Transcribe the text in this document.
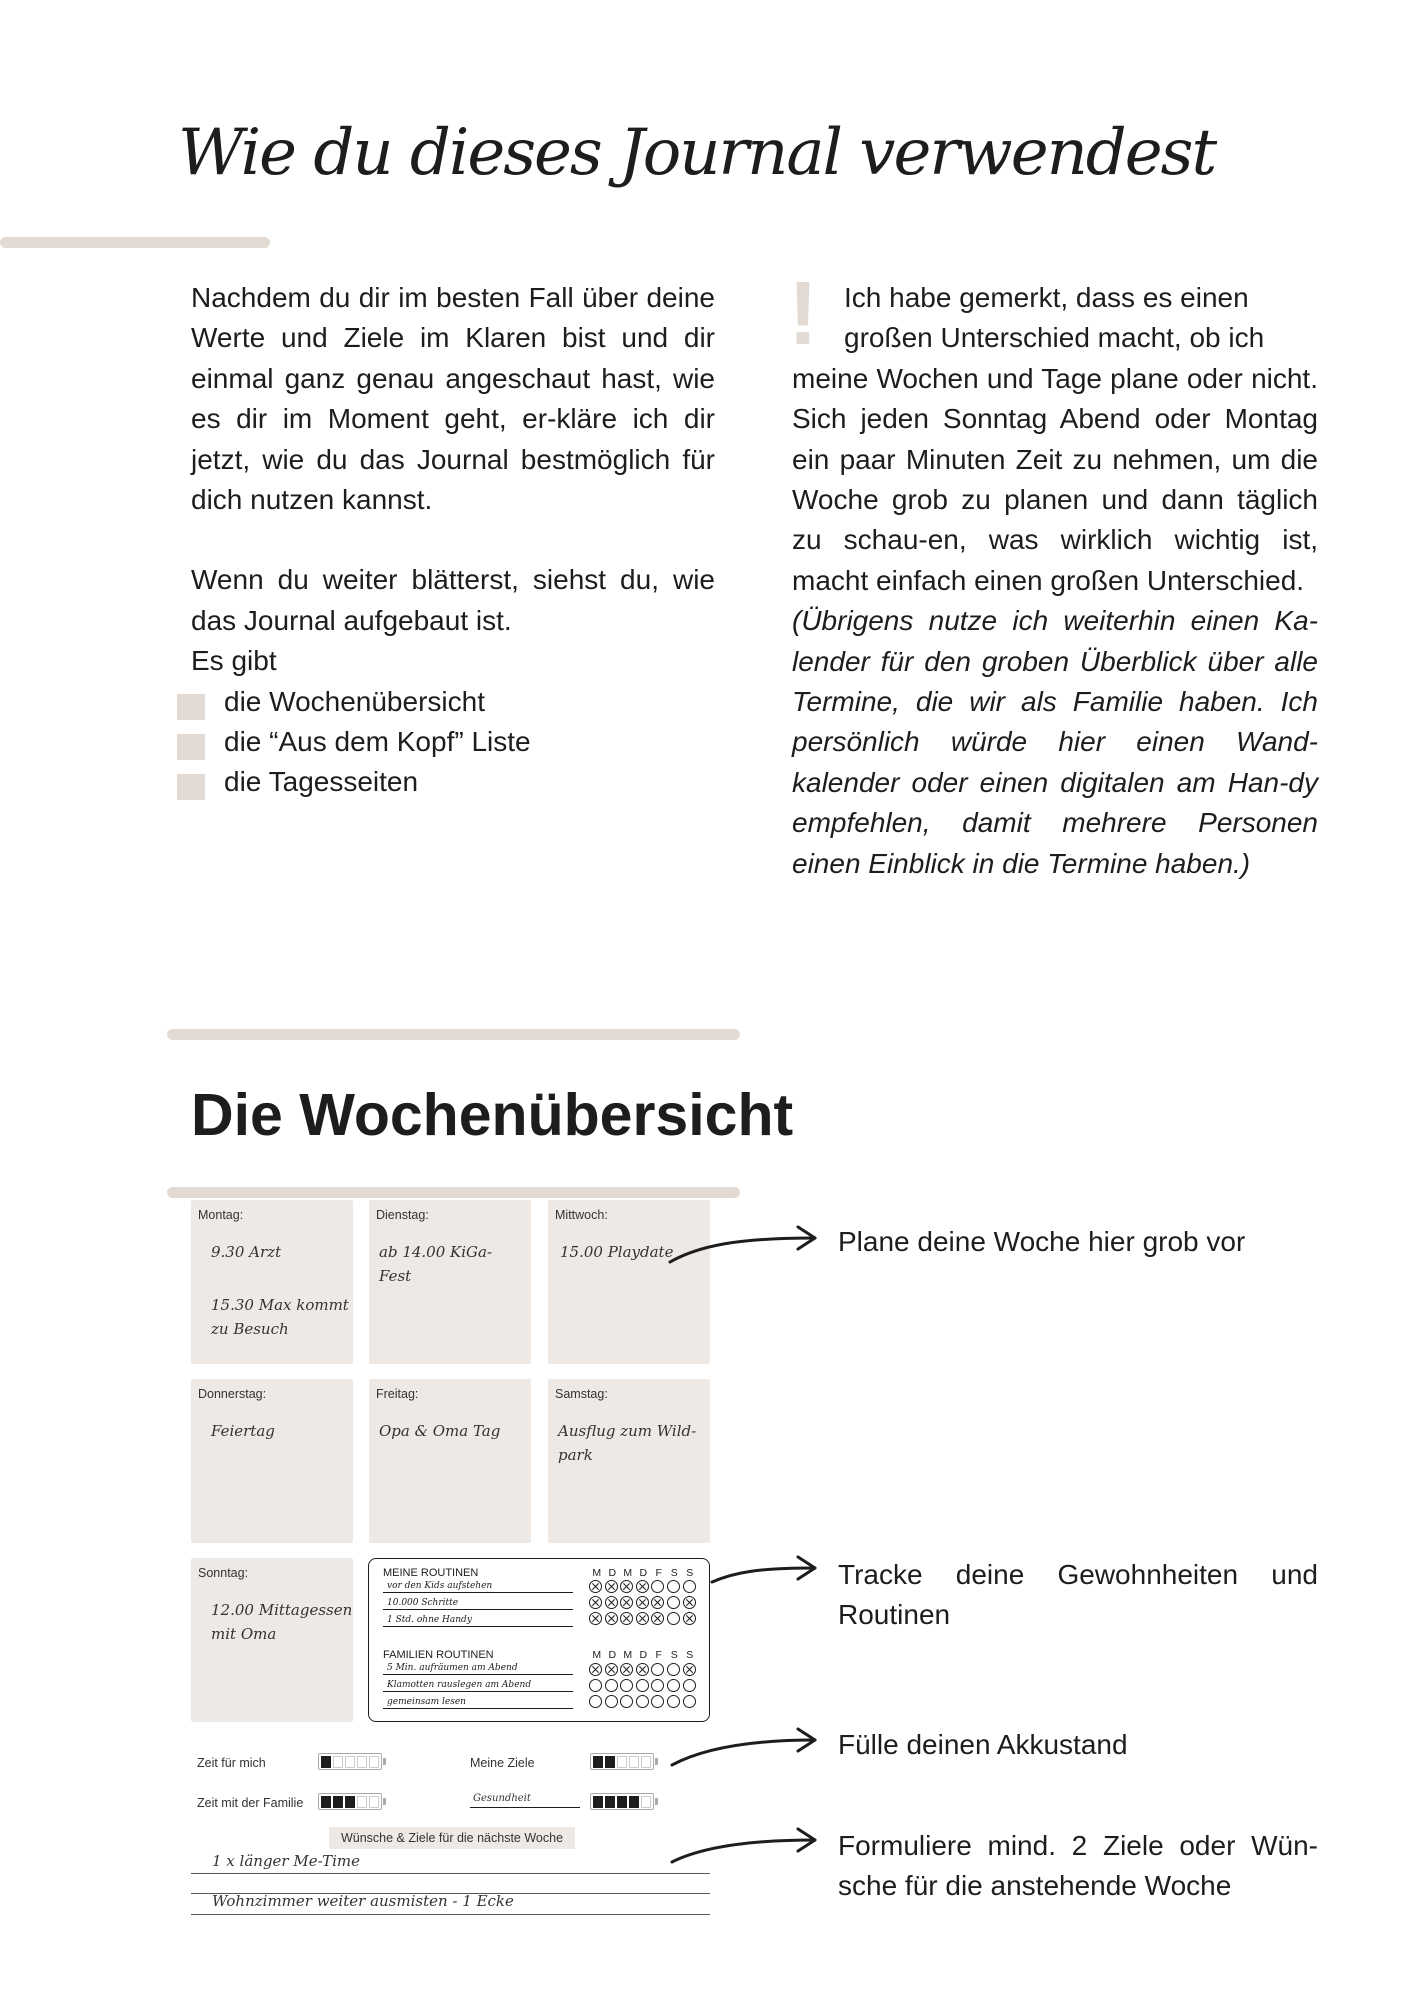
Wie du dieses Journal verwendest

Nachdem du dir im besten Fall über deine Werte und Ziele im Klaren bist und dir einmal ganz genau angeschaut hast, wie es dir im Moment geht, er-kläre ich dir jetzt, wie du das Journal bestmöglich für dich nutzen kannst.

Wenn du weiter blätterst, siehst du, wie das Journal aufgebaut ist.

Es gibt

die Wochenübersicht
die “Aus dem Kopf” Liste
die Tagesseiten
! Ich habe gemerkt, dass es einen

großen Unterschied macht, ob ich

meine Wochen und Tage plane oder nicht. Sich jeden Sonntag Abend oder Montag ein paar Minuten Zeit zu nehmen, um die Woche grob zu planen und dann täglich zu schau-en, was wirklich wichtig ist, macht einfach einen großen Unterschied.

(Übrigens nutze ich weiterhin einen Ka-lender für den groben Überblick über alle Termine, die wir als Familie haben. Ich persönlich würde hier einen Wand-kalender oder einen digitalen am Han-dy empfehlen, damit mehrere Personen einen Einblick in die Termine haben.)

Die Wochenübersicht
Montag:
9.30 Arzt
15.30 Max kommt
zu Besuch
Dienstag:
ab 14.00 KiGa-
Fest
Mittwoch:
15.00 Playdate
Donnerstag:
Feiertag
Freitag:
Opa & Oma Tag
Samstag:
Ausflug zum Wild-
park
Sonntag:
12.00 Mittagessen
mit Oma
MEINE ROUTINEN	M D M D F S S
vor den Kids aufstehen
10.000 Schritte
1 Std. ohne Handy
FAMILIEN ROUTINEN	M D M D F S S
5 Min. aufräumen am Abend
Klamotten rauslegen am Abend
gemeinsam lesen
Zeit für mich
Zeit mit der Familie
Meine Ziele
Gesundheit
Wünsche & Ziele für die nächste Woche
1 x länger Me-Time
Wohnzimmer weiter ausmisten - 1 Ecke
Plane deine Woche hier grob vor
Tracke deine Gewohnheiten und Routinen
Fülle deinen Akkustand
Formuliere mind. 2 Ziele oder Wün-sche für die anstehende Woche
